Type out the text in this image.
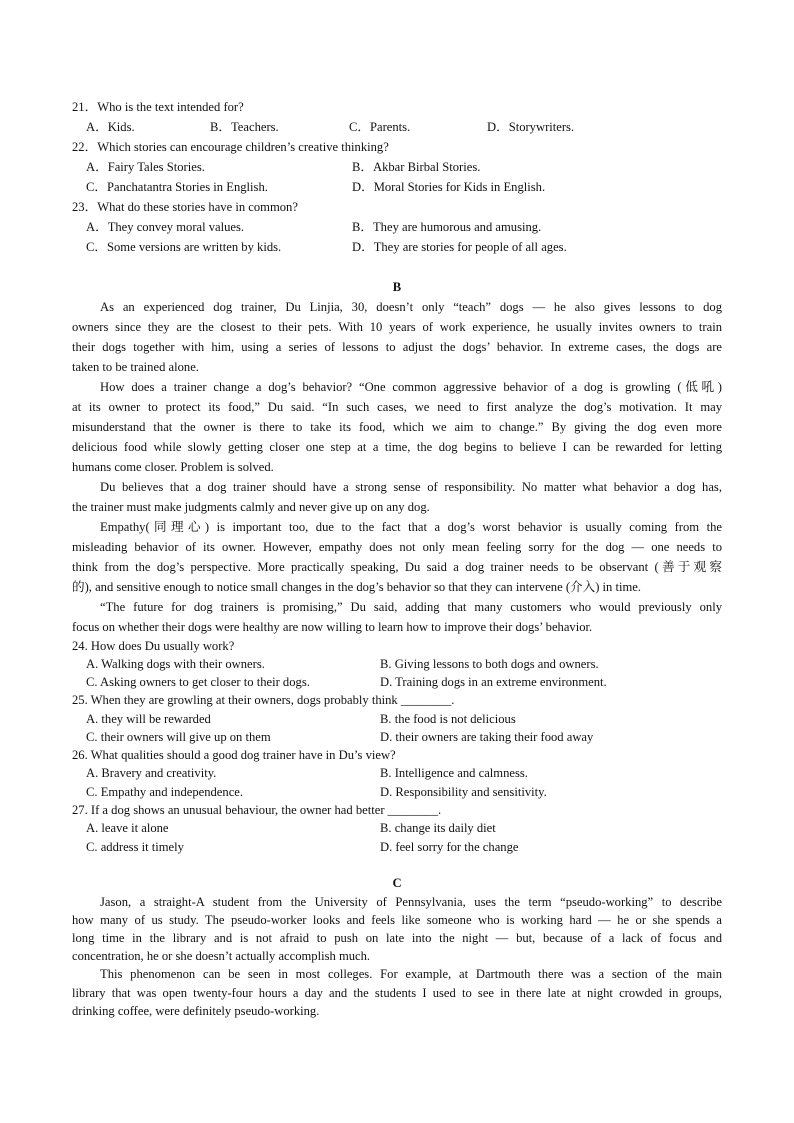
21．Who is the text intended for?
A．Kids.	B．Teachers.	C．Parents.	D．Storywriters.
22．Which stories can encourage children’s creative thinking?
A．Fairy Tales Stories.	B．Akbar Birbal Stories.
C．Panchatantra Stories in English.	D．Moral Stories for Kids in English.
23．What do these stories have in common?
A．They convey moral values.	B．They are humorous and amusing.
C．Some versions are written by kids.	D．They are stories for people of all ages.
B
As an experienced dog trainer, Du Linjia, 30, doesn’t only “teach” dogs — he also gives lessons to dog
owners since they are the closest to their pets. With 10 years of work experience, he usually invites owners to train
their dogs together with him, using a series of lessons to adjust the dogs’ behavior. In extreme cases, the dogs are
taken to be trained alone.
How does a trainer change a dog’s behavior? “One common aggressive behavior of a dog is growling (低吼)
at its owner to protect its food,” Du said. “In such cases, we need to first analyze the dog’s motivation. It may
misunderstand that the owner is there to take its food, which we aim to change.” By giving the dog even more
delicious food while slowly getting closer one step at a time, the dog begins to believe I can be rewarded for letting
humans come closer. Problem is solved.
Du believes that a dog trainer should have a strong sense of responsibility. No matter what behavior a dog has,
the trainer must make judgments calmly and never give up on any dog.
Empathy(同理心) is important too, due to the fact that a dog’s worst behavior is usually coming from the
misleading behavior of its owner. However, empathy does not only mean feeling sorry for the dog — one needs to
think from the dog’s perspective. More practically speaking, Du said a dog trainer needs to be observant (善于观察
的), and sensitive enough to notice small changes in the dog’s behavior so that they can intervene (介入) in time.
“The future for dog trainers is promising,” Du said, adding that many customers who would previously only
focus on whether their dogs were healthy are now willing to learn how to improve their dogs’ behavior.
24. How does Du usually work?
A. Walking dogs with their owners.	B. Giving lessons to both dogs and owners.
C. Asking owners to get closer to their dogs.	D. Training dogs in an extreme environment.
25. When they are growling at their owners, dogs probably think ________.
A. they will be rewarded	B. the food is not delicious
C. their owners will give up on them	D. their owners are taking their food away
26. What qualities should a good dog trainer have in Du’s view?
A. Bravery and creativity.	B. Intelligence and calmness.
C. Empathy and independence.	D. Responsibility and sensitivity.
27. If a dog shows an unusual behaviour, the owner had better ________.
A. leave it alone	B. change its daily diet
C. address it timely	D. feel sorry for the change
C
Jason, a straight-A student from the University of Pennsylvania, uses the term “pseudo-working” to describe
how many of us study. The pseudo-worker looks and feels like someone who is working hard — he or she spends a
long time in the library and is not afraid to push on late into the night — but, because of a lack of focus and
concentration, he or she doesn’t actually accomplish much.
This phenomenon can be seen in most colleges. For example, at Dartmouth there was a section of the main
library that was open twenty-four hours a day and the students I used to see in there late at night crowded in groups,
drinking coffee, were definitely pseudo-working.
